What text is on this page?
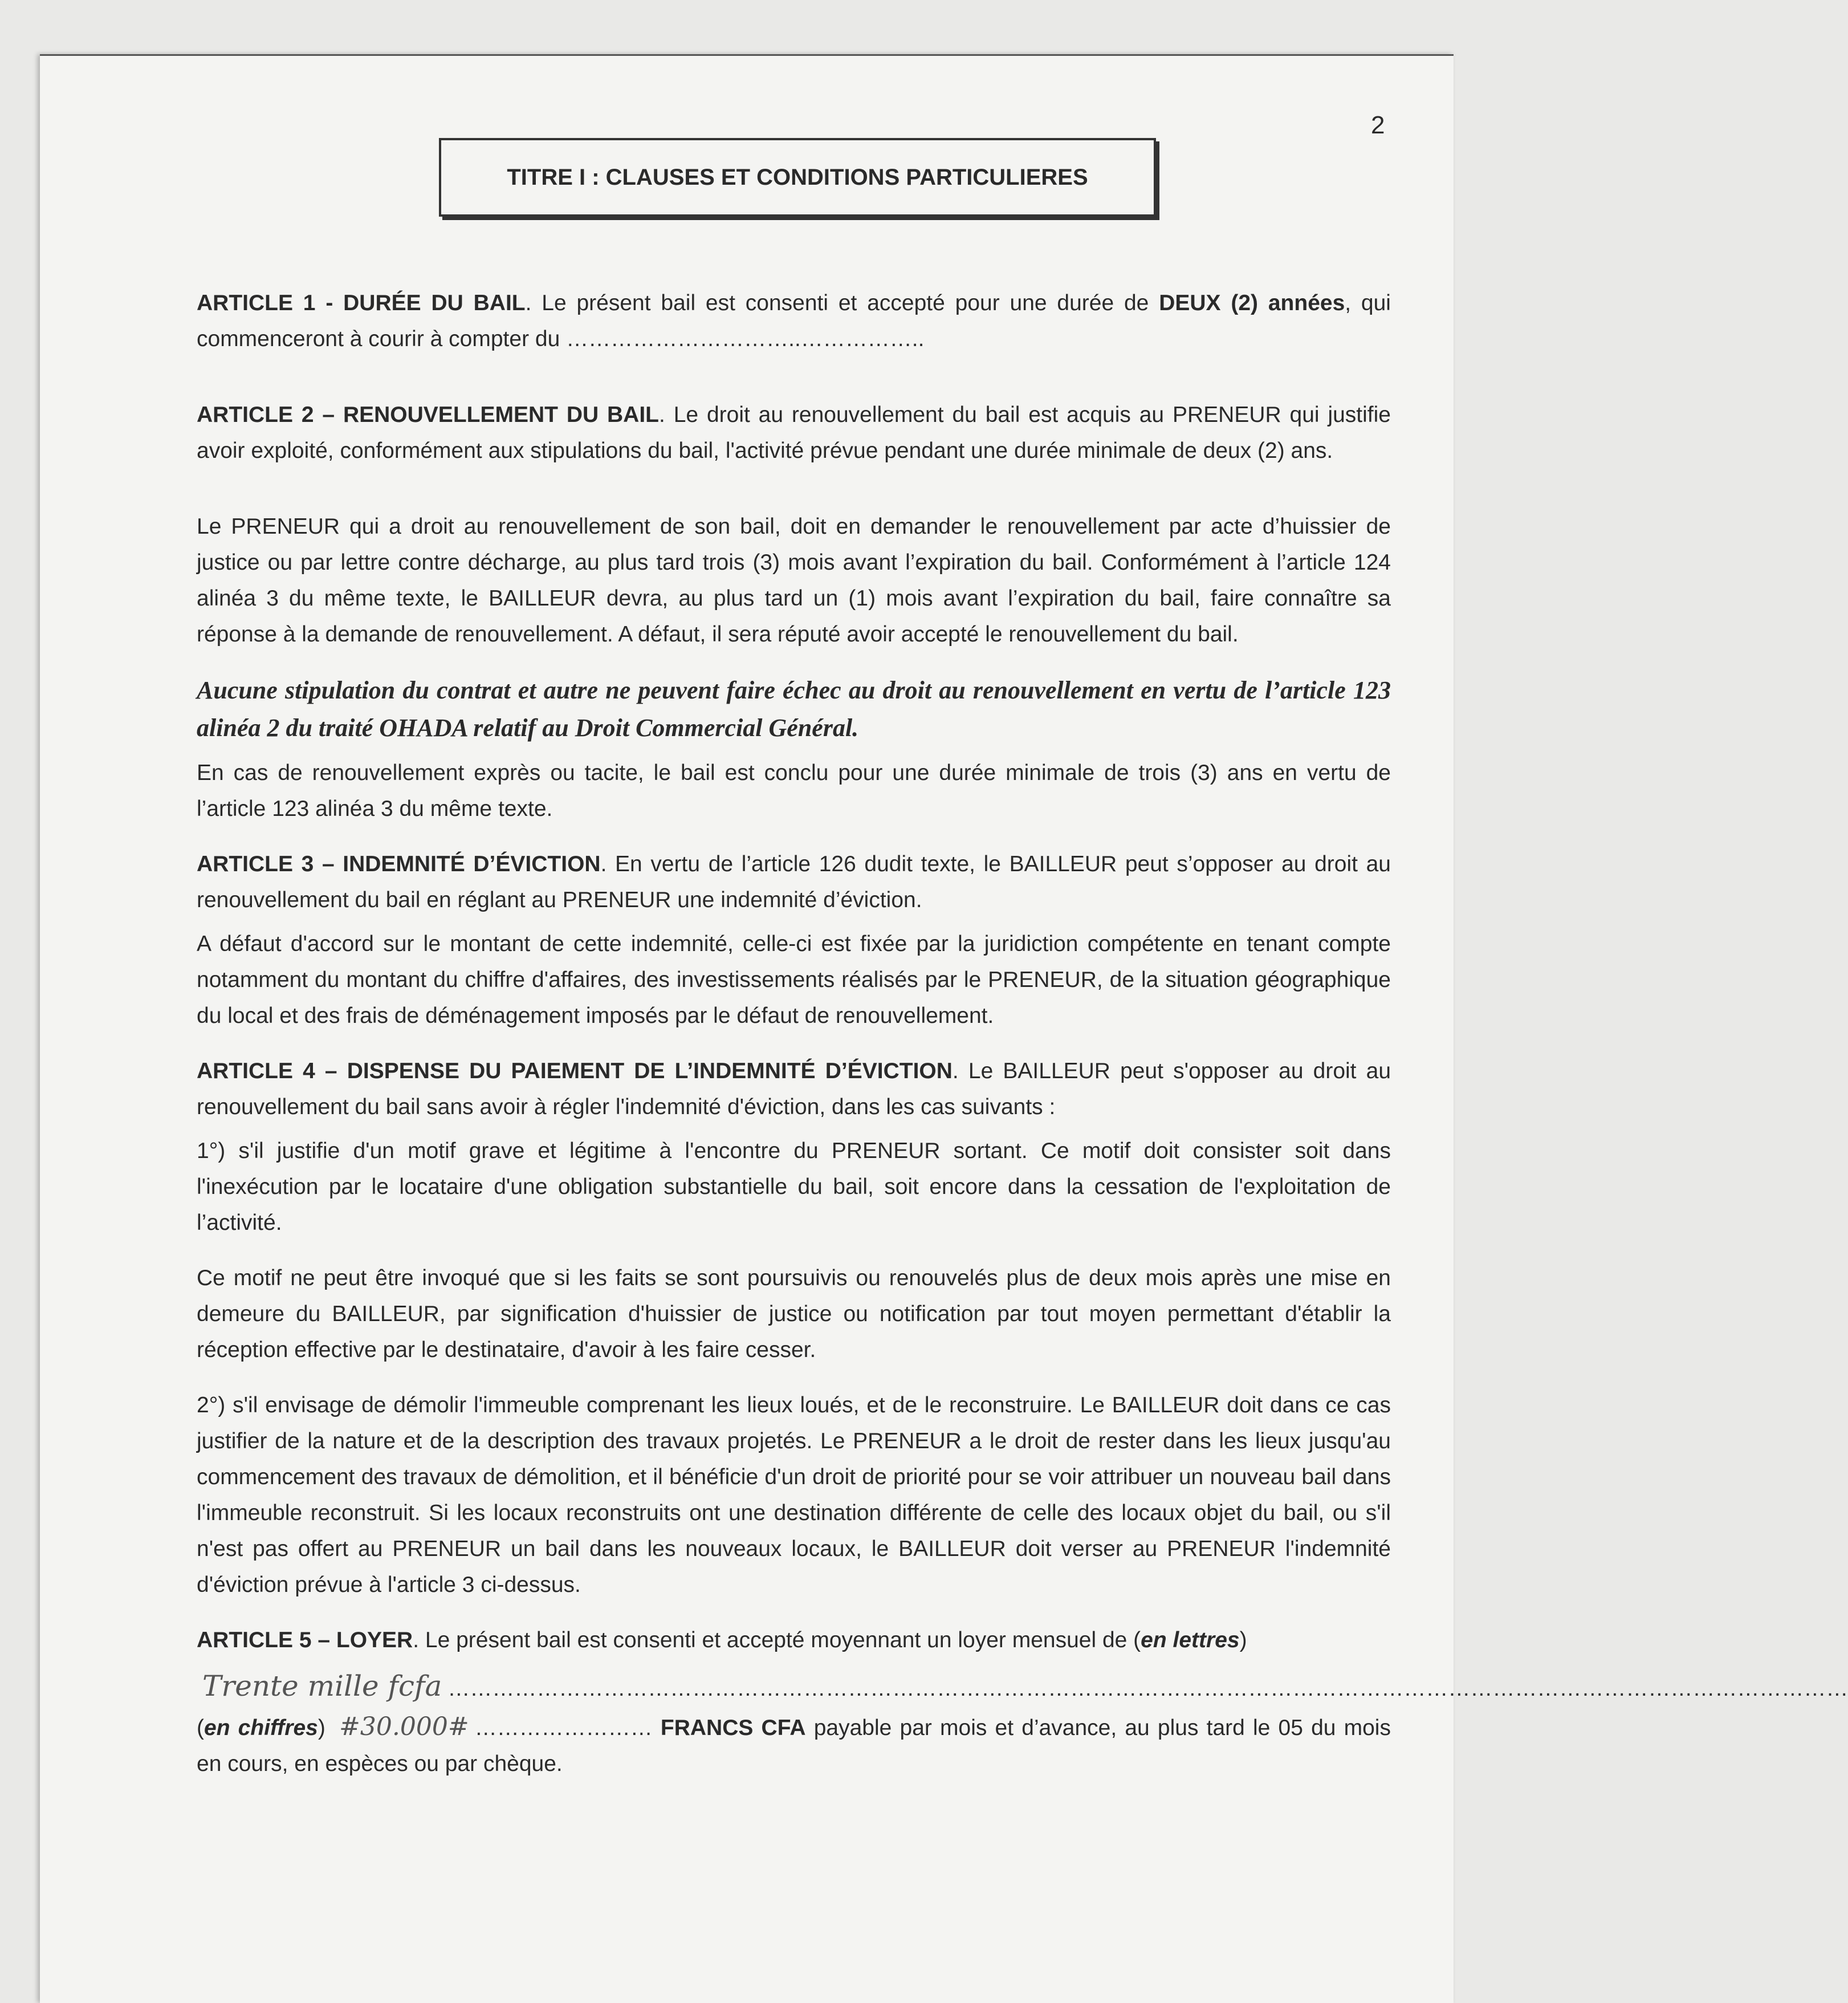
2
TITRE I : CLAUSES ET CONDITIONS PARTICULIERES
ARTICLE 1 - DURÉE DU BAIL. Le présent bail est consenti et accepté pour une durée de DEUX (2) années, qui commenceront à courir à compter du …………………………..……………..
ARTICLE 2 – RENOUVELLEMENT DU BAIL. Le droit au renouvellement du bail est acquis au PRENEUR qui justifie avoir exploité, conformément aux stipulations du bail, l'activité prévue pendant une durée minimale de deux (2) ans.
Le PRENEUR qui a droit au renouvellement de son bail, doit en demander le renouvellement par acte d’huissier de justice ou par lettre contre décharge, au plus tard trois (3) mois avant l’expiration du bail. Conformément à l’article 124 alinéa 3 du même texte, le BAILLEUR devra, au plus tard un (1) mois avant l’expiration du bail, faire connaître sa réponse à la demande de renouvellement. A défaut, il sera réputé avoir accepté le renouvellement du bail.
Aucune stipulation du contrat et autre ne peuvent faire échec au droit au renouvellement en vertu de l’article 123 alinéa 2 du traité OHADA relatif au Droit Commercial Général.
En cas de renouvellement exprès ou tacite, le bail est conclu pour une durée minimale de trois (3) ans en vertu de l’article 123 alinéa 3 du même texte.
ARTICLE 3 – INDEMNITÉ D’ÉVICTION. En vertu de l’article 126 dudit texte, le BAILLEUR peut s’opposer au droit au renouvellement du bail en réglant au PRENEUR une indemnité d’éviction.
A défaut d'accord sur le montant de cette indemnité, celle-ci est fixée par la juridiction compétente en tenant compte notamment du montant du chiffre d'affaires, des investissements réalisés par le PRENEUR, de la situation géographique du local et des frais de déménagement imposés par le défaut de renouvellement.
ARTICLE 4 – DISPENSE DU PAIEMENT DE L’INDEMNITÉ D’ÉVICTION. Le BAILLEUR peut s'opposer au droit au renouvellement du bail sans avoir à régler l'indemnité d'éviction, dans les cas suivants :
1°) s'il justifie d'un motif grave et légitime à l'encontre du PRENEUR sortant. Ce motif doit consister soit dans l'inexécution par le locataire d'une obligation substantielle du bail, soit encore dans la cessation de l'exploitation de l’activité.
Ce motif ne peut être invoqué que si les faits se sont poursuivis ou renouvelés plus de deux mois après une mise en demeure du BAILLEUR, par signification d'huissier de justice ou notification par tout moyen permettant d'établir la réception effective par le destinataire, d'avoir à les faire cesser.
2°) s'il envisage de démolir l'immeuble comprenant les lieux loués, et de le reconstruire. Le BAILLEUR doit dans ce cas justifier de la nature et de la description des travaux projetés. Le PRENEUR a le droit de rester dans les lieux jusqu'au commencement des travaux de démolition, et il bénéficie d'un droit de priorité pour se voir attribuer un nouveau bail dans l'immeuble reconstruit. Si les locaux reconstruits ont une destination différente de celle des locaux objet du bail, ou s'il n'est pas offert au PRENEUR un bail dans les nouveaux locaux, le BAILLEUR doit verser au PRENEUR l'indemnité d'éviction prévue à l'article 3 ci-dessus.
ARTICLE 5 – LOYER. Le présent bail est consenti et accepté moyennant un loyer mensuel de (en lettres)
Trente mille fcfa ………………………………………………………………………………………………………………………………………………………………………
(en chiffres) #30.000# …………………… FRANCS CFA payable par mois et d’avance, au plus tard le 05 du mois en cours, en espèces ou par chèque.
